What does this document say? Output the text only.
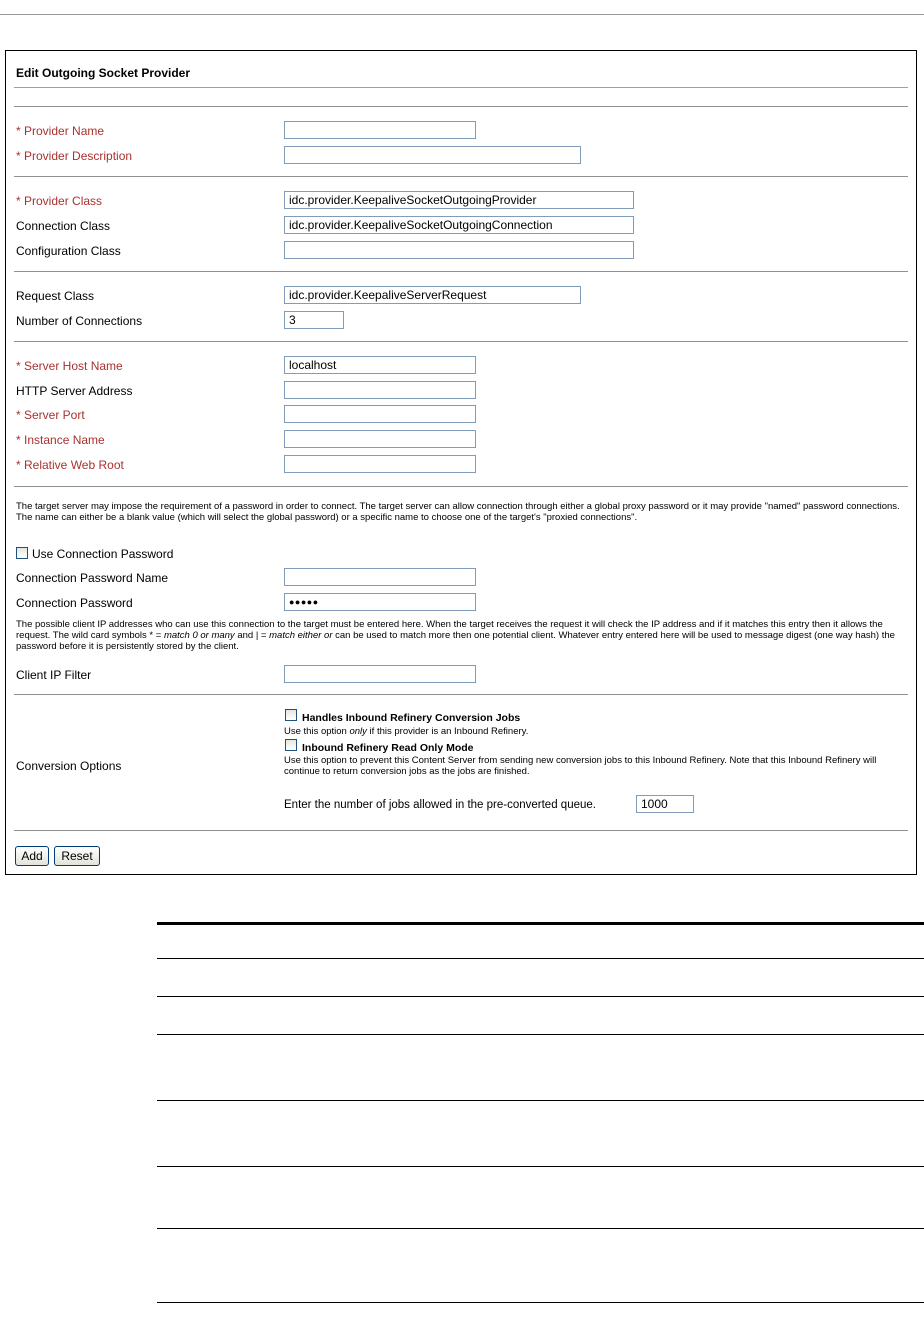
Edit Outgoing Socket Provider
* Provider Name
* Provider Description
* Provider Class	idc.provider.KeepaliveSocketOutgoingProvider
Connection Class	idc.provider.KeepaliveSocketOutgoingConnection
Configuration Class
Request Class	idc.provider.KeepaliveServerRequest
Number of Connections	3
* Server Host Name	localhost
HTTP Server Address
* Server Port
* Instance Name
* Relative Web Root
The target server may impose the requirement of a password in order to connect. The target server can allow connection through either a global proxy password or it may provide "named" password connections. The name can either be a blank value (which will select the global password) or a specific name to choose one of the target's "proxied connections".
Use Connection Password
Connection Password Name
Connection Password	●●●●●
The possible client IP addresses who can use this connection to the target must be entered here. When the target receives the request it will check the IP address and if it matches this entry then it allows the request. The wild card symbols * = match 0 or many and | = match either or can be used to match more then one potential client. Whatever entry entered here will be used to message digest (one way hash) the password before it is persistently stored by the client.
Client IP Filter
Conversion Options
Handles Inbound Refinery Conversion Jobs
Use this option only if this provider is an Inbound Refinery.
Inbound Refinery Read Only Mode
Use this option to prevent this Content Server from sending new conversion jobs to this Inbound Refinery. Note that this Inbound Refinery will continue to return conversion jobs as the jobs are finished.
Enter the number of jobs allowed in the pre-converted queue.	1000
Add	Reset
